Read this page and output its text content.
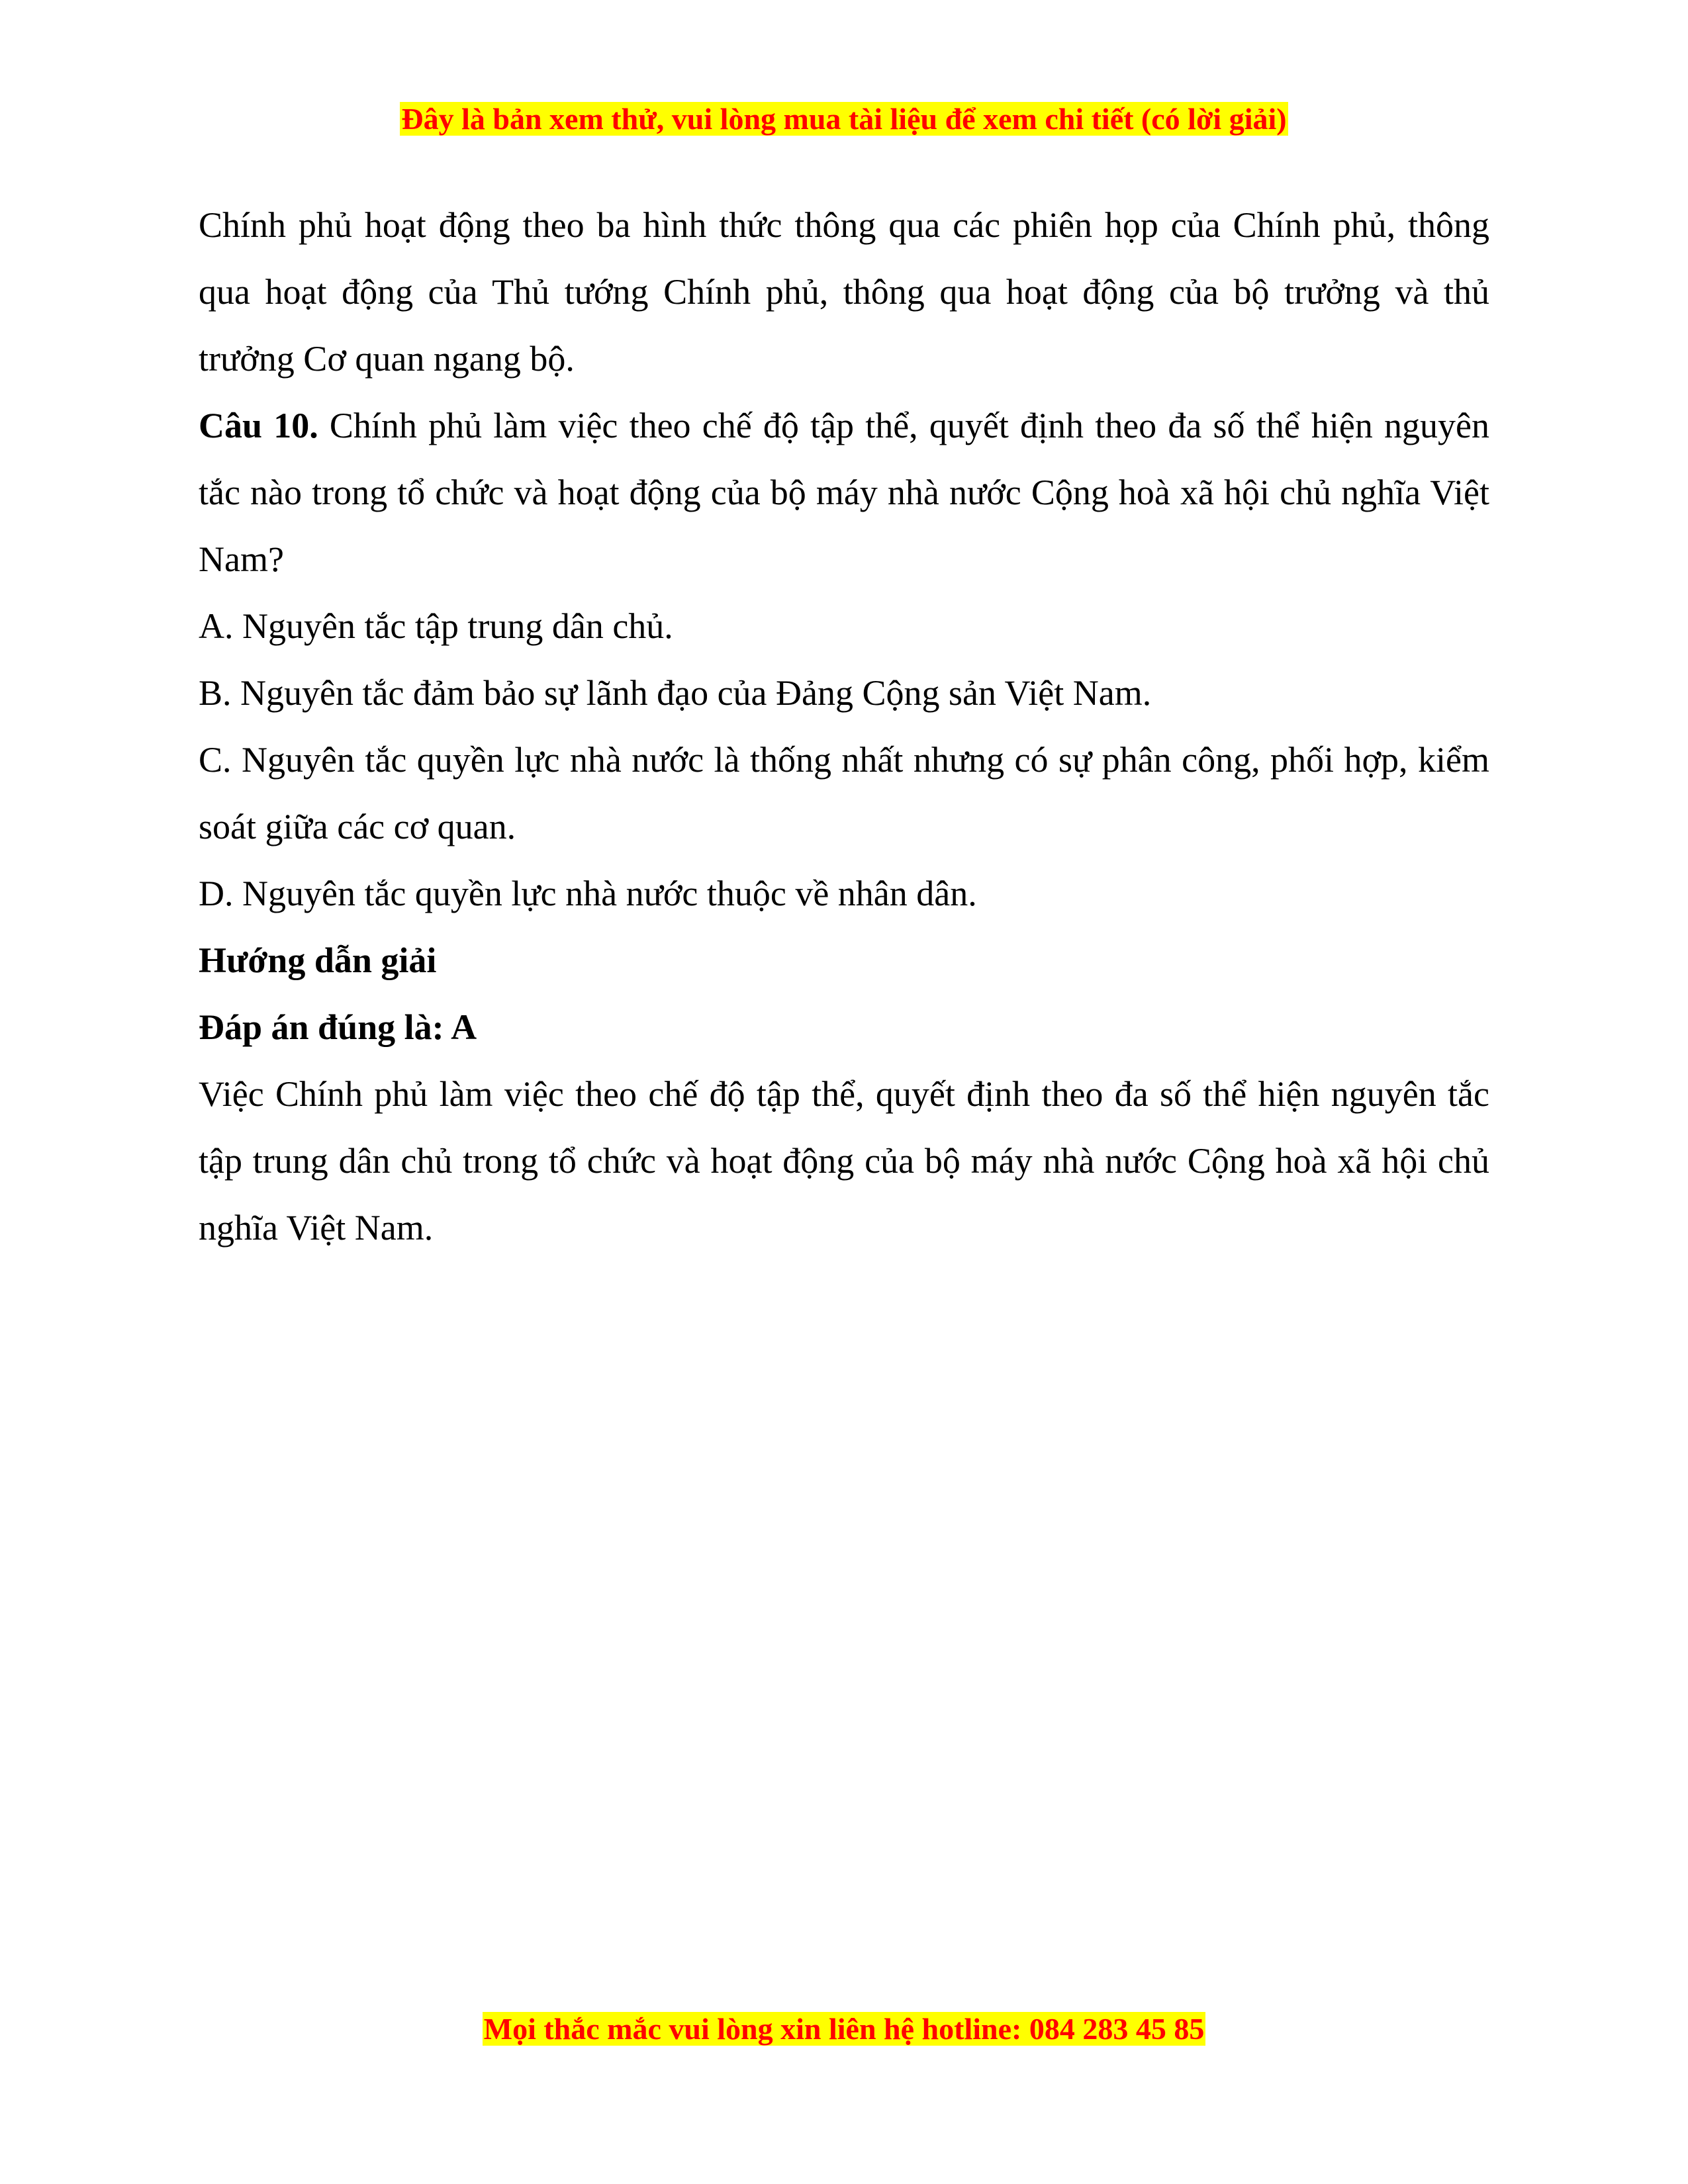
Đây là bản xem thử, vui lòng mua tài liệu để xem chi tiết (có lời giải)

Chính phủ hoạt động theo ba hình thức thông qua các phiên họp của Chính phủ, thông qua hoạt động của Thủ tướng Chính phủ, thông qua hoạt động của bộ trưởng và thủ trưởng Cơ quan ngang bộ.

Câu 10. Chính phủ làm việc theo chế độ tập thể, quyết định theo đa số thể hiện nguyên tắc nào trong tổ chức và hoạt động của bộ máy nhà nước Cộng hoà xã hội chủ nghĩa Việt Nam?

A. Nguyên tắc tập trung dân chủ.

B. Nguyên tắc đảm bảo sự lãnh đạo của Đảng Cộng sản Việt Nam.

C. Nguyên tắc quyền lực nhà nước là thống nhất nhưng có sự phân công, phối hợp, kiểm soát giữa các cơ quan.

D. Nguyên tắc quyền lực nhà nước thuộc về nhân dân.

Hướng dẫn giải

Đáp án đúng là: A

Việc Chính phủ làm việc theo chế độ tập thể, quyết định theo đa số thể hiện nguyên tắc tập trung dân chủ trong tổ chức và hoạt động của bộ máy nhà nước Cộng hoà xã hội chủ nghĩa Việt Nam.

Mọi thắc mắc vui lòng xin liên hệ hotline: 084 283 45 85
